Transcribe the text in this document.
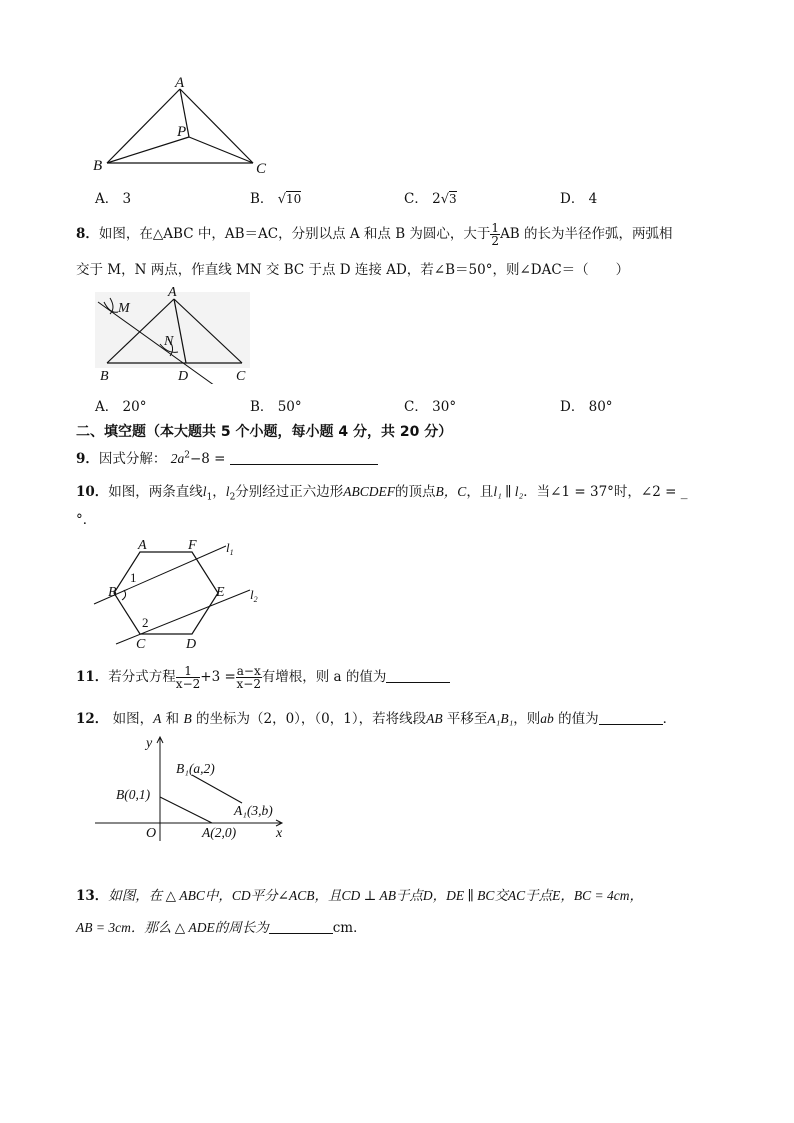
A
P
B	C
A． 3	B． √10	C． 2√3	D． 4
8．如图，在△ABC 中，AB＝AC，分别以点 A 和点 B 为圆心，大于 $\frac{1}{2}$ AB 的长为半径作弧，两弧相
交于 M，N 两点，作直线 MN 交 BC 于点 D 连接 AD，若∠B＝50°，则∠DAC＝（　　）
A
M
N
B	D	C
A． 20°	B． 50°	C． 30°	D． 80°
二、填空题（本大题共 5 个小题，每小题 4 分，共 20 分）
9．因式分解： $2a^2-8$ =
10．如图，两条直线$l_1$，$l_2$分别经过正六边形ABCDEF的顶点B，C，且l₁ ∥ l₂．当∠1 = 37°时，∠2 = _
°．
A	F $l_1$
B
1
E $l_2$
2
C	D
11．若分式方程 $\frac{1}{x-2} +3 = \frac{a-x}{x-2}$ 有增根，则 a 的值为
12． 如图，A 和 B 的坐标为（2，0），（0，1），若将线段AB 平移至A₁B₁，则ab 的值为	．
y
x
O
B(0,1)
A(2,0)
B₁(a,2)
A₁(3,b)
13．如图，在 △ ABC中，CD平分∠ACB，且CD ⊥ AB于点D，DE ∥ BC交AC于点E，BC = 4cm，
AB = 3cm．那么 △ ADE的周长为	cm．
